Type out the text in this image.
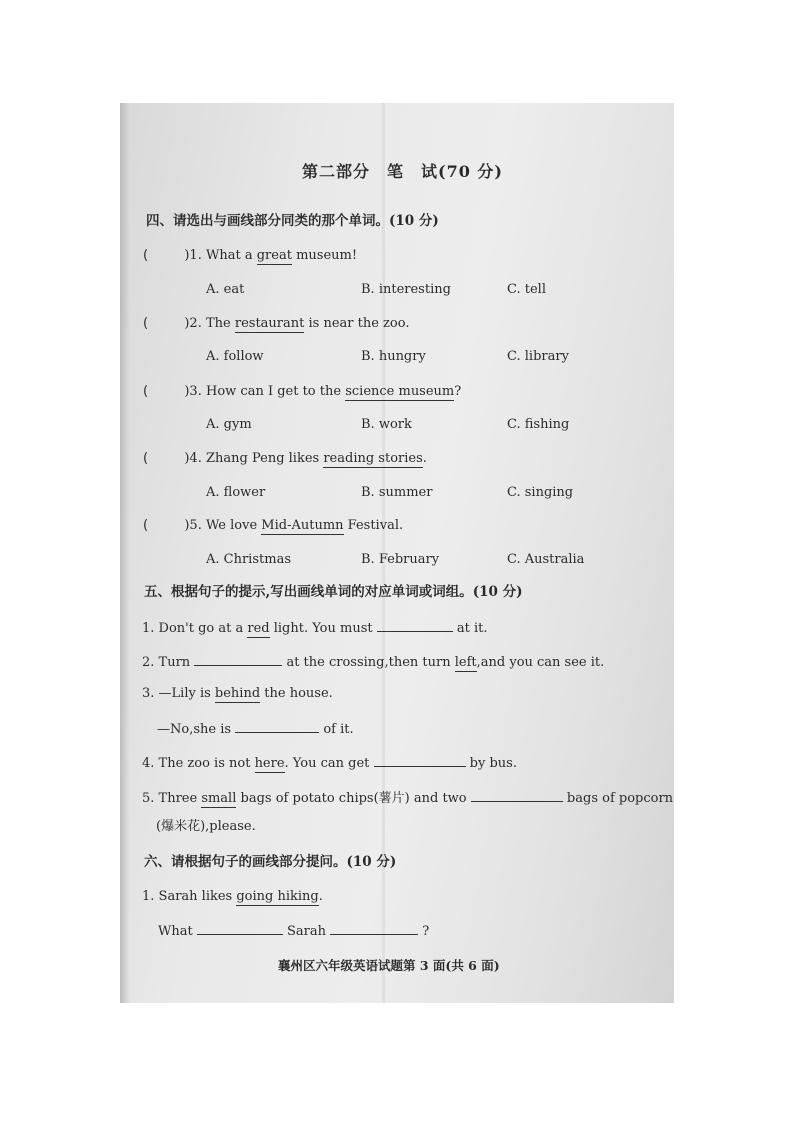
第二部分　笔　试(70 分)
四、请选出与画线部分同类的那个单词。(10 分)
(	)1. What a great museum!
A. eat	B. interesting	C. tell
(	)2. The restaurant is near the zoo.
A. follow	B. hungry	C. library
(	)3. How can I get to the science museum?
A. gym	B. work	C. fishing
(	)4. Zhang Peng likes reading stories.
A. flower	B. summer	C. singing
(	)5. We love Mid-Autumn Festival.
A. Christmas	B. February	C. Australia
五、根据句子的提示,写出画线单词的对应单词或词组。(10 分)
1. Don't go at a red light. You must	at it.
2. Turn	at the crossing,then turn left,and you can see it.
3. —Lily is behind the house.
—No,she is	of it.
4. The zoo is not here. You can get	by bus.
5. Three small bags of potato chips(薯片) and two	bags of popcorn
(爆米花),please.
六、请根据句子的画线部分提问。(10 分)
1. Sarah likes going hiking.
What	Sarah	?
襄州区六年级英语试题第 3 面(共 6 面)
